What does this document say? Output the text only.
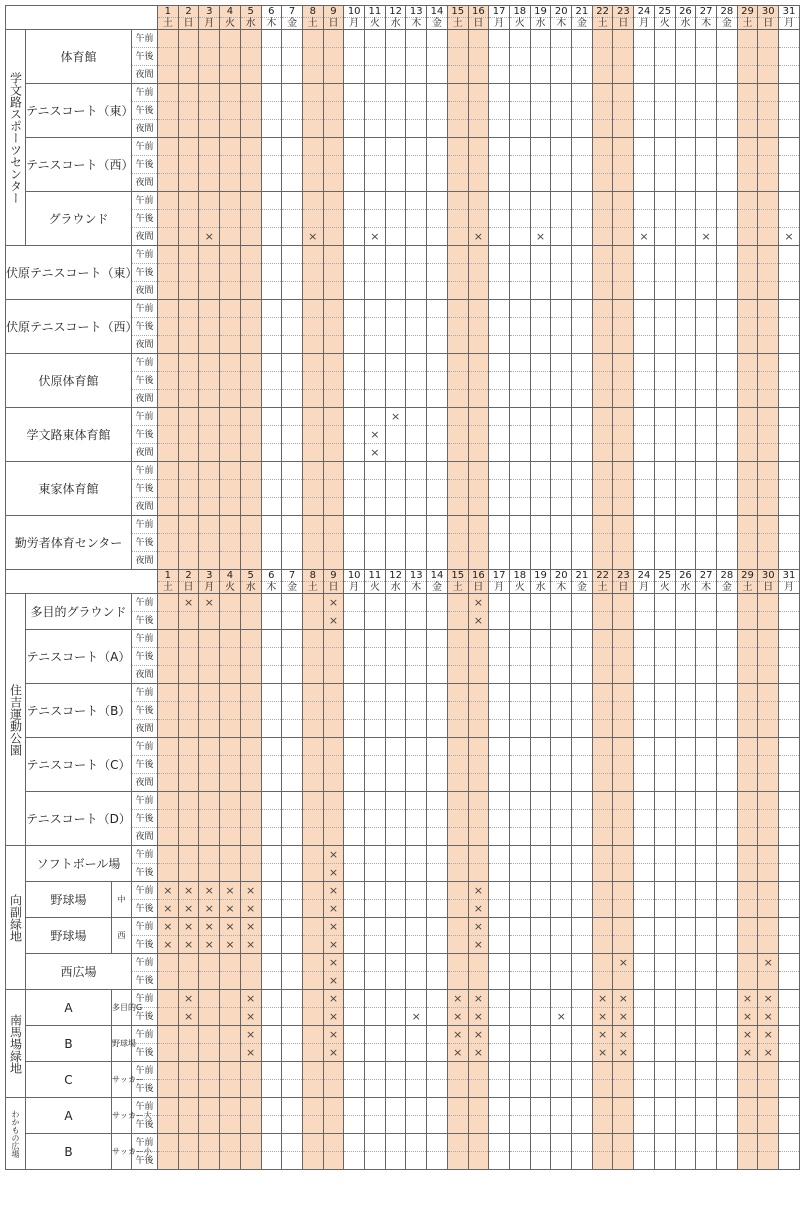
				1	2	3	4	5	6	7	8	9	10	11	12	13	14	15	16	17	18	19	20	21	22	23	24	25	26	27	28	29	30	31
				土	日	月	火	水	木	金	土	日	月	火	水	木	金	土	日	月	火	水	木	金	土	日	月	火	水	木	金	土	日	月
学文路スポーツセンター	体育館		午前																															
			午後																															
			夜間																															
	テニスコート（東）		午前																															
			午後																															
			夜間																															
	テニスコート（西）		午前																															
			午後																															
			夜間																															
	グラウンド		午前																															
			午後																															
			夜間			×					×			×					×			×					×			×				×
伏原テニスコート（東）			午前																															
			午後																															
			夜間																															
伏原テニスコート（西）			午前																															
			午後																															
			夜間																															
伏原体育館			午前																															
			午後																															
			夜間																															
学文路東体育館			午前												×																			
			午後											×																				
			夜間											×																				
東家体育館			午前																															
			午後																															
			夜間																															
勤労者体育センター			午前																															
			午後																															
			夜間																															
				1	2	3	4	5	6	7	8	9	10	11	12	13	14	15	16	17	18	19	20	21	22	23	24	25	26	27	28	29	30	31
				土	日	月	火	水	木	金	土	日	月	火	水	木	金	土	日	月	火	水	木	金	土	日	月	火	水	木	金	土	日	月
住吉運動公園	多目的グラウンド		午前		×	×						×							×															
			午後									×							×															
	テニスコート（A）		午前																															
			午後																															
			夜間																															
	テニスコート（B）		午前																															
			午後																															
			夜間																															
	テニスコート（C）		午前																															
			午後																															
			夜間																															
	テニスコート（D）		午前																															
			午後																															
			夜間																															
向副緑地	ソフトボール場		午前									×																						
			午後									×																						
	野球場	中	午前	×	×	×	×	×				×							×															
			午後	×	×	×	×	×				×							×															
	野球場	西	午前	×	×	×	×	×				×							×															
			午後	×	×	×	×	×				×							×															
	西広場		午前									×														×							×	
			午後									×																						
南馬場緑地	A	多目的G	午前		×			×				×						×	×						×	×						×	×	
			午後		×			×				×				×		×	×				×		×	×						×	×	
	B	野球場	午前					×				×						×	×						×	×						×	×	
			午後					×				×						×	×						×	×						×	×	
	C	サッカー	午前																															
			午後																															
わかもの広場	A	サッカー大	午前																															
			午後																															
	B	サッカー小	午前																															
			午後																															
